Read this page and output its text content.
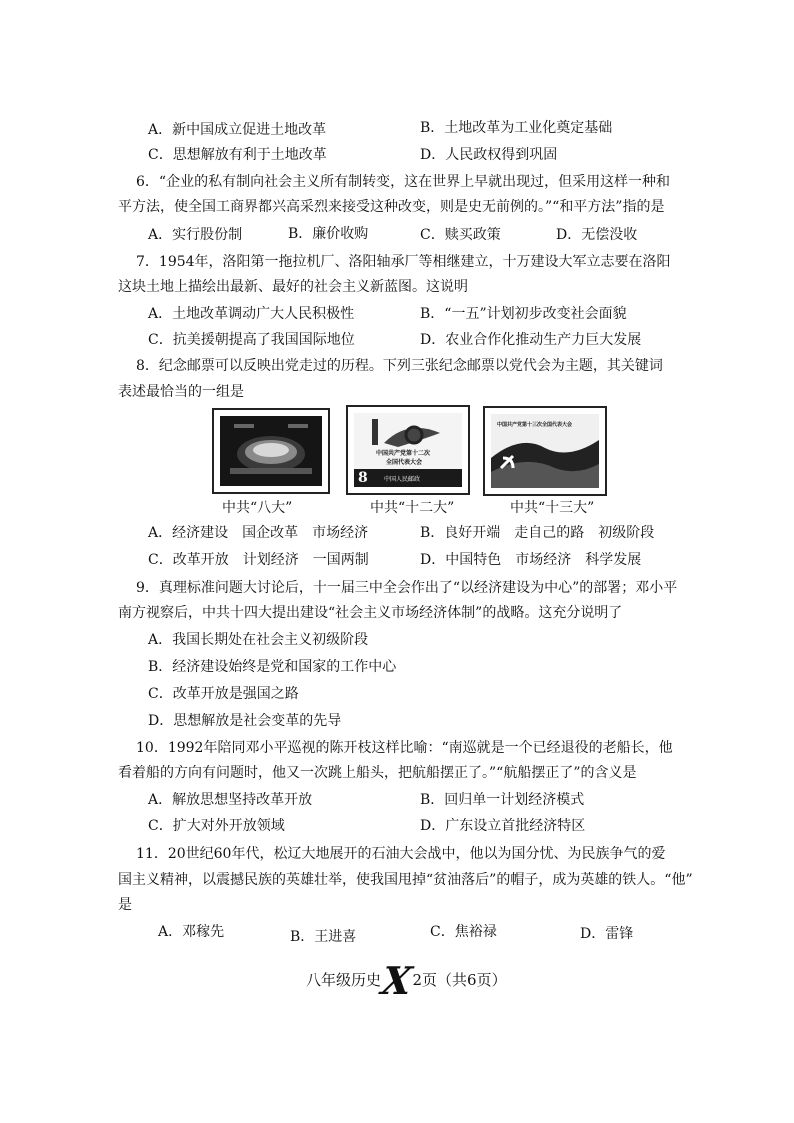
A．新中国成立促进土地改革	B．土地改革为工业化奠定基础
C．思想解放有利于土地改革	D．人民政权得到巩固
6．“企业的私有制向社会主义所有制转变，这在世界上早就出现过，但采用这样一种和
平方法，使全国工商界都兴高采烈来接受这种改变，则是史无前例的。”“和平方法”指的是
A．实行股份制	B．廉价收购	C．赎买政策	D．无偿没收
7．1954年，洛阳第一拖拉机厂、洛阳轴承厂等相继建立，十万建设大军立志要在洛阳
这块土地上描绘出最新、最好的社会主义新蓝图。这说明
A．土地改革调动广大人民积极性	B．“一五”计划初步改变社会面貌
C．抗美援朝提高了我国国际地位	D．农业合作化推动生产力巨大发展
8．纪念邮票可以反映出党走过的历程。下列三张纪念邮票以党代会为主题，其关键词
表述最恰当的一组是
中共“八大”
中国共产党第十二次
全国代表大会
8	中国人民邮政
中共“十二大”
中国共产党第十三次全国代表大会
中共“十三大”
A．经济建设　国企改革　市场经济	B．良好开端　走自己的路　初级阶段
C．改革开放　计划经济　一国两制	D．中国特色　市场经济　科学发展
9．真理标准问题大讨论后，十一届三中全会作出了“以经济建设为中心”的部署；邓小平
南方视察后，中共十四大提出建设“社会主义市场经济体制”的战略。这充分说明了
A．我国长期处在社会主义初级阶段
B．经济建设始终是党和国家的工作中心
C．改革开放是强国之路
D．思想解放是社会变革的先导
10．1992年陪同邓小平巡视的陈开枝这样比喻：“南巡就是一个已经退役的老船长，他
看着船的方向有问题时，他又一次跳上船头，把航船摆正了。”“航船摆正了”的含义是
A．解放思想坚持改革开放	B．回归单一计划经济模式
C．扩大对外开放领域	D．广东设立首批经济特区
11．20世纪60年代，松辽大地展开的石油大会战中，他以为国分忧、为民族争气的爱
国主义精神，以震撼民族的英雄壮举，使我国甩掉“贫油落后”的帽子，成为英雄的铁人。“他”
是
A．邓稼先	B．王进喜	C．焦裕禄	D．雷锋
八年级历史X2页（共6页）
